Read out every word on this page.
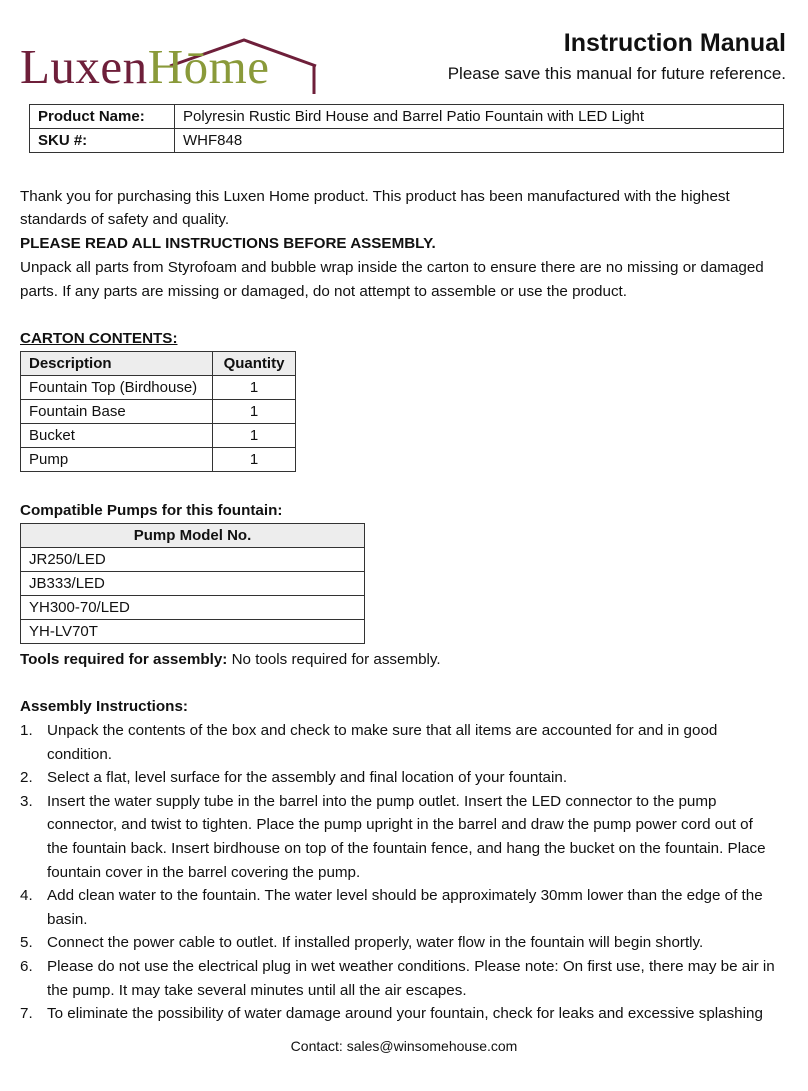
LuxenHōme	Instruction Manual
Please save this manual for future reference.
Product Name:	Polyresin Rustic Bird House and Barrel Patio Fountain with LED Light
SKU #:	WHF848
Thank you for purchasing this Luxen Home product. This product has been manufactured with the highest
standards of safety and quality.
PLEASE READ ALL INSTRUCTIONS BEFORE ASSEMBLY.
Unpack all parts from Styrofoam and bubble wrap inside the carton to ensure there are no missing or damaged
parts. If any parts are missing or damaged, do not attempt to assemble or use the product.
CARTON CONTENTS:
Description	Quantity
Fountain Top (Birdhouse)	1
Fountain Base	1
Bucket	1
Pump	1
Compatible Pumps for this fountain:
Pump Model No.
JR250/LED
JB333/LED
YH300-70/LED
YH-LV70T
Tools required for assembly: No tools required for assembly.
Assembly Instructions:
1. Unpack the contents of the box and check to make sure that all items are accounted for and in good
condition.
2. Select a flat, level surface for the assembly and final location of your fountain.
3. Insert the water supply tube in the barrel into the pump outlet. Insert the LED connector to the pump
connector, and twist to tighten. Place the pump upright in the barrel and draw the pump power cord out of
the fountain back. Insert birdhouse on top of the fountain fence, and hang the bucket on the fountain. Place
fountain cover in the barrel covering the pump.
4. Add clean water to the fountain. The water level should be approximately 30mm lower than the edge of the
basin.
5. Connect the power cable to outlet. If installed properly, water flow in the fountain will begin shortly.
6. Please do not use the electrical plug in wet weather conditions. Please note: On first use, there may be air in
the pump. It may take several minutes until all the air escapes.
7. To eliminate the possibility of water damage around your fountain, check for leaks and excessive splashing
Contact: sales@winsomehouse.com
